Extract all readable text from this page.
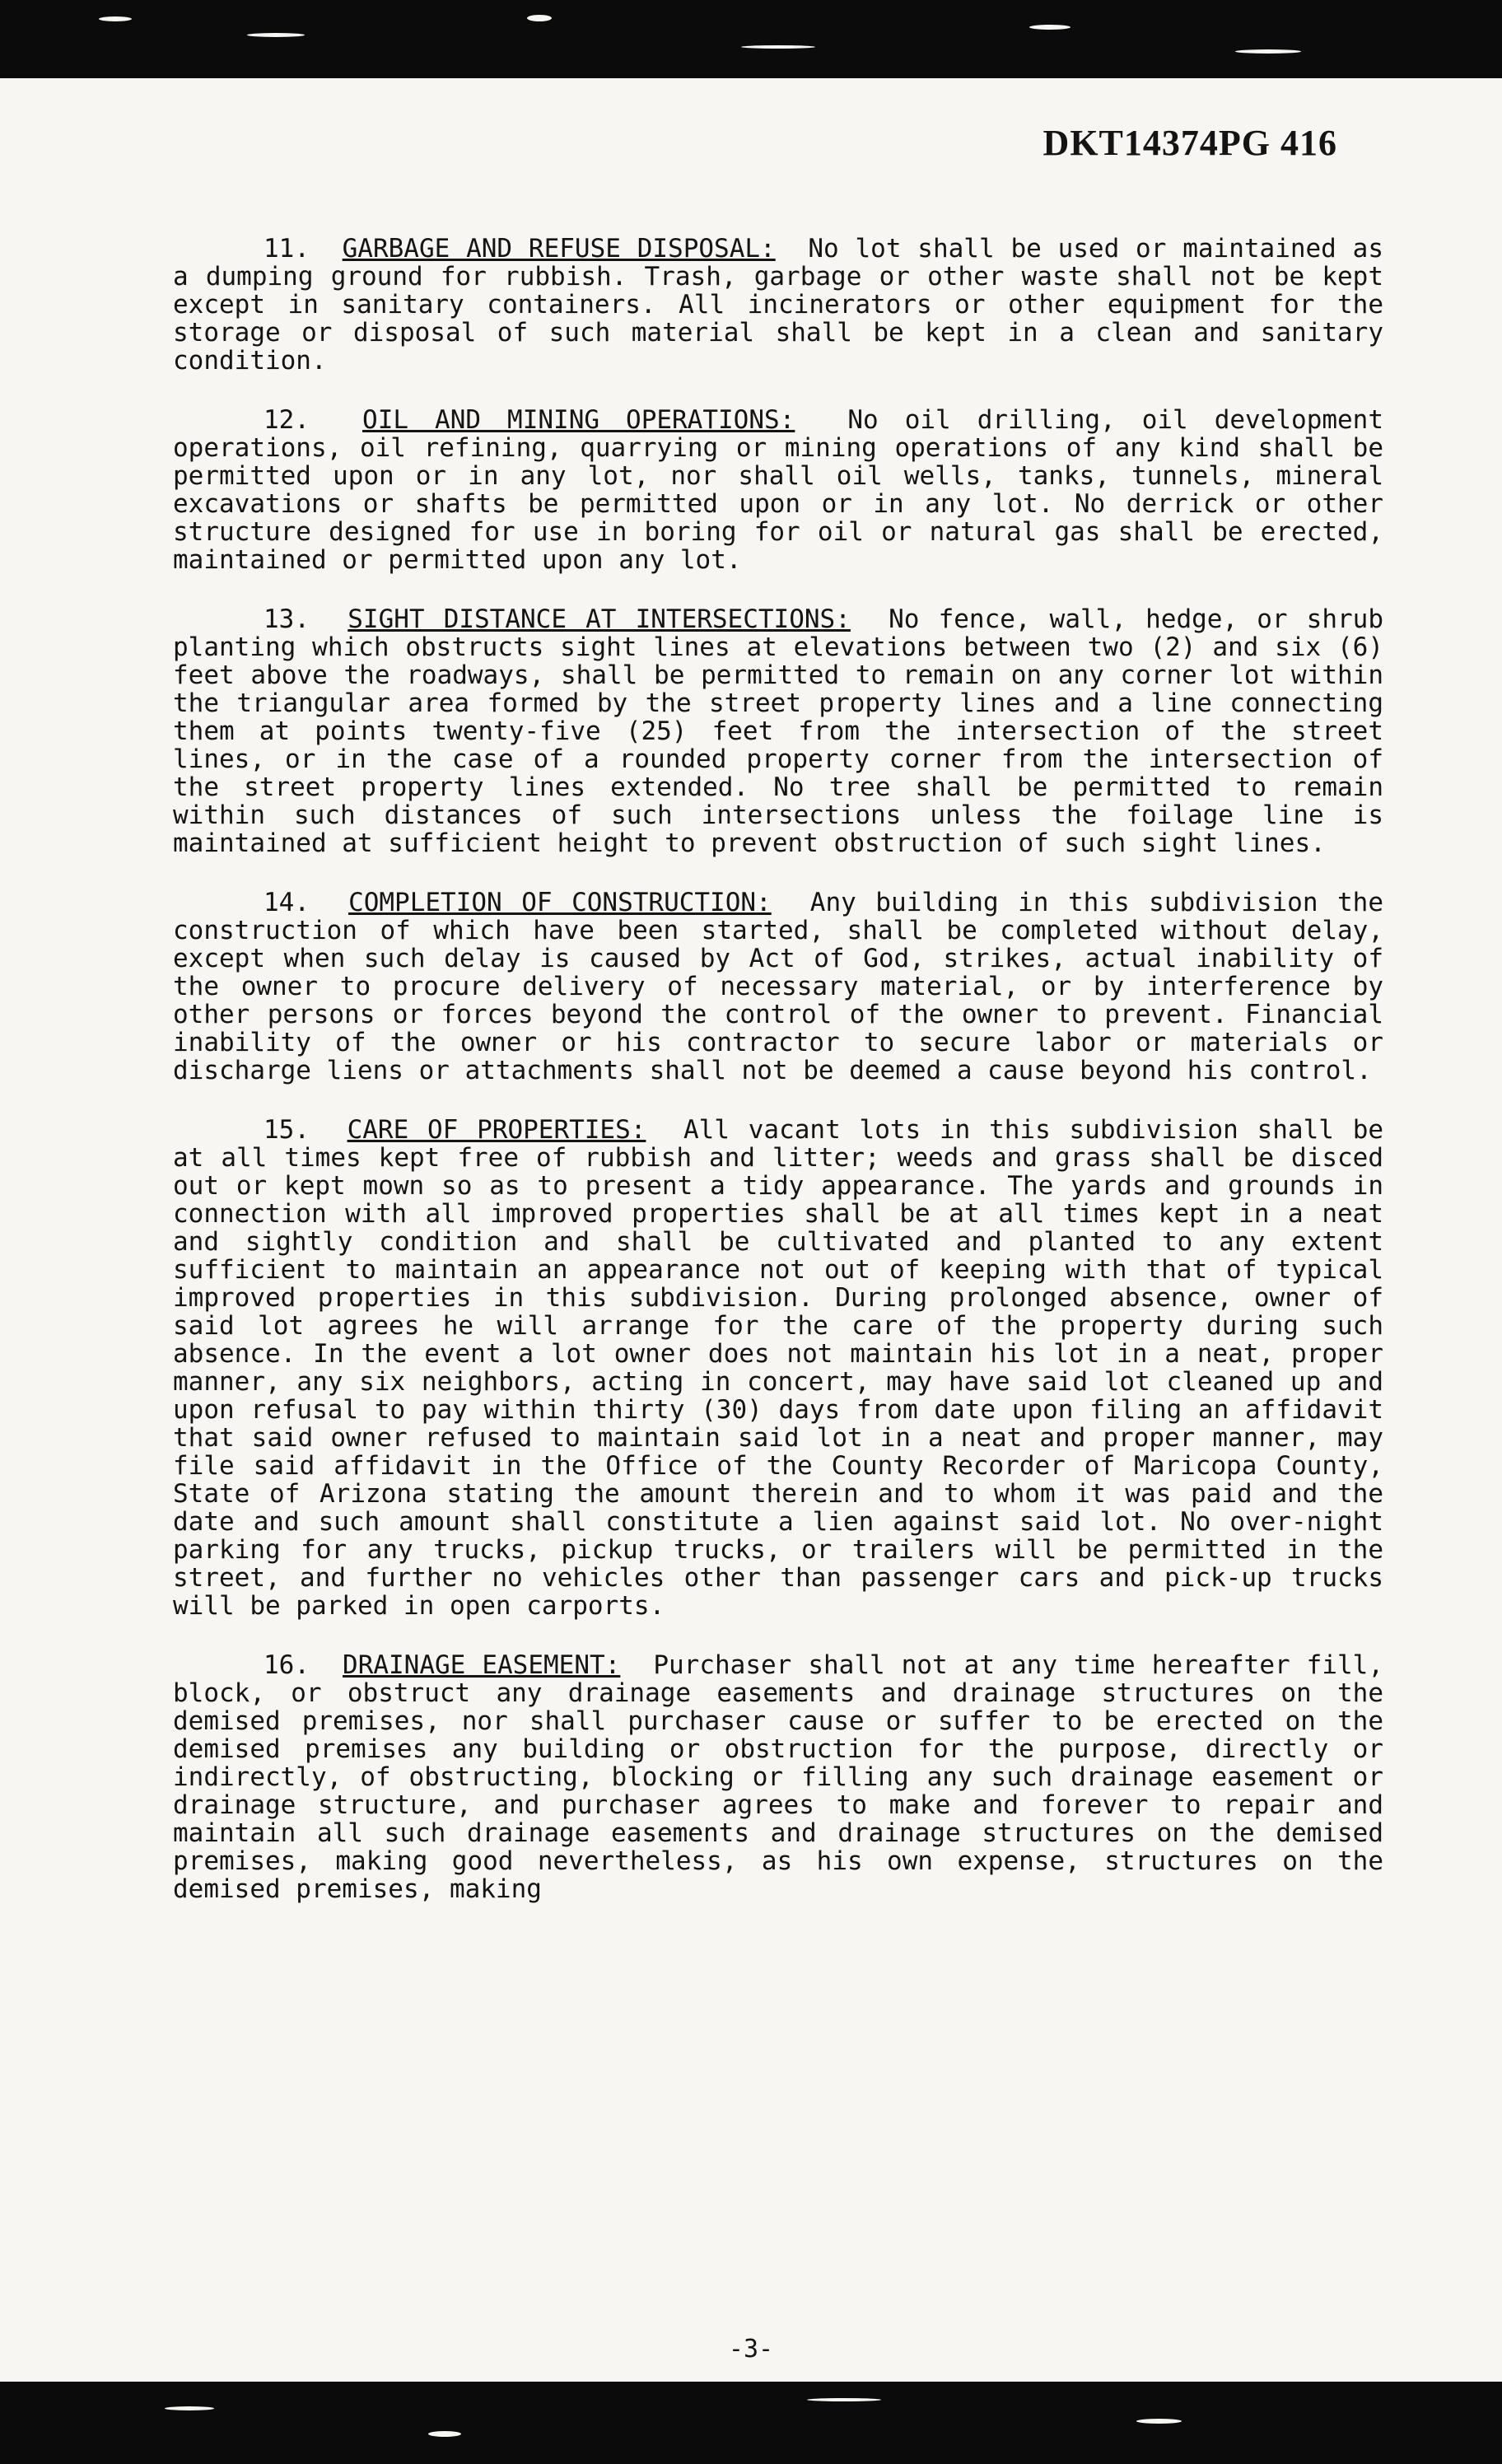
DKT14374PG 416

11. GARBAGE AND REFUSE DISPOSAL: No lot shall be used or maintained as a dumping ground for rubbish. Trash, garbage or other waste shall not be kept except in sanitary containers. All incinerators or other equipment for the storage or disposal of such material shall be kept in a clean and sanitary condition.

12. OIL AND MINING OPERATIONS: No oil drilling, oil development operations, oil refining, quarrying or mining operations of any kind shall be permitted upon or in any lot, nor shall oil wells, tanks, tunnels, mineral excavations or shafts be permitted upon or in any lot. No derrick or other structure designed for use in boring for oil or natural gas shall be erected, maintained or permitted upon any lot.

13. SIGHT DISTANCE AT INTERSECTIONS: No fence, wall, hedge, or shrub planting which obstructs sight lines at elevations between two (2) and six (6) feet above the roadways, shall be permitted to remain on any corner lot within the triangular area formed by the street property lines and a line connecting them at points twenty-five (25) feet from the intersection of the street lines, or in the case of a rounded property corner from the intersection of the street property lines extended. No tree shall be permitted to remain within such distances of such intersections unless the foilage line is maintained at sufficient height to prevent obstruction of such sight lines.

14. COMPLETION OF CONSTRUCTION: Any building in this subdivision the construction of which have been started, shall be completed without delay, except when such delay is caused by Act of God, strikes, actual inability of the owner to procure delivery of necessary material, or by interference by other persons or forces beyond the control of the owner to prevent. Financial inability of the owner or his contractor to secure labor or materials or discharge liens or attachments shall not be deemed a cause beyond his control.

15. CARE OF PROPERTIES: All vacant lots in this subdivision shall be at all times kept free of rubbish and litter; weeds and grass shall be disced out or kept mown so as to present a tidy appearance. The yards and grounds in connection with all improved properties shall be at all times kept in a neat and sightly condition and shall be cultivated and planted to any extent sufficient to maintain an appearance not out of keeping with that of typical improved properties in this subdivision. During prolonged absence, owner of said lot agrees he will arrange for the care of the property during such absence. In the event a lot owner does not maintain his lot in a neat, proper manner, any six neighbors, acting in concert, may have said lot cleaned up and upon refusal to pay within thirty (30) days from date upon filing an affidavit that said owner refused to maintain said lot in a neat and proper manner, may file said affidavit in the Office of the County Recorder of Maricopa County, State of Arizona stating the amount therein and to whom it was paid and the date and such amount shall constitute a lien against said lot. No over-night parking for any trucks, pickup trucks, or trailers will be permitted in the street, and further no vehicles other than passenger cars and pick-up trucks will be parked in open carports.

16. DRAINAGE EASEMENT: Purchaser shall not at any time hereafter fill, block, or obstruct any drainage easements and drainage structures on the demised premises, nor shall purchaser cause or suffer to be erected on the demised premises any building or obstruction for the purpose, directly or indirectly, of obstructing, blocking or filling any such drainage easement or drainage structure, and purchaser agrees to make and forever to repair and maintain all such drainage easements and drainage structures on the demised premises, making good nevertheless, as his own expense, structures on the demised premises, making

-3-
